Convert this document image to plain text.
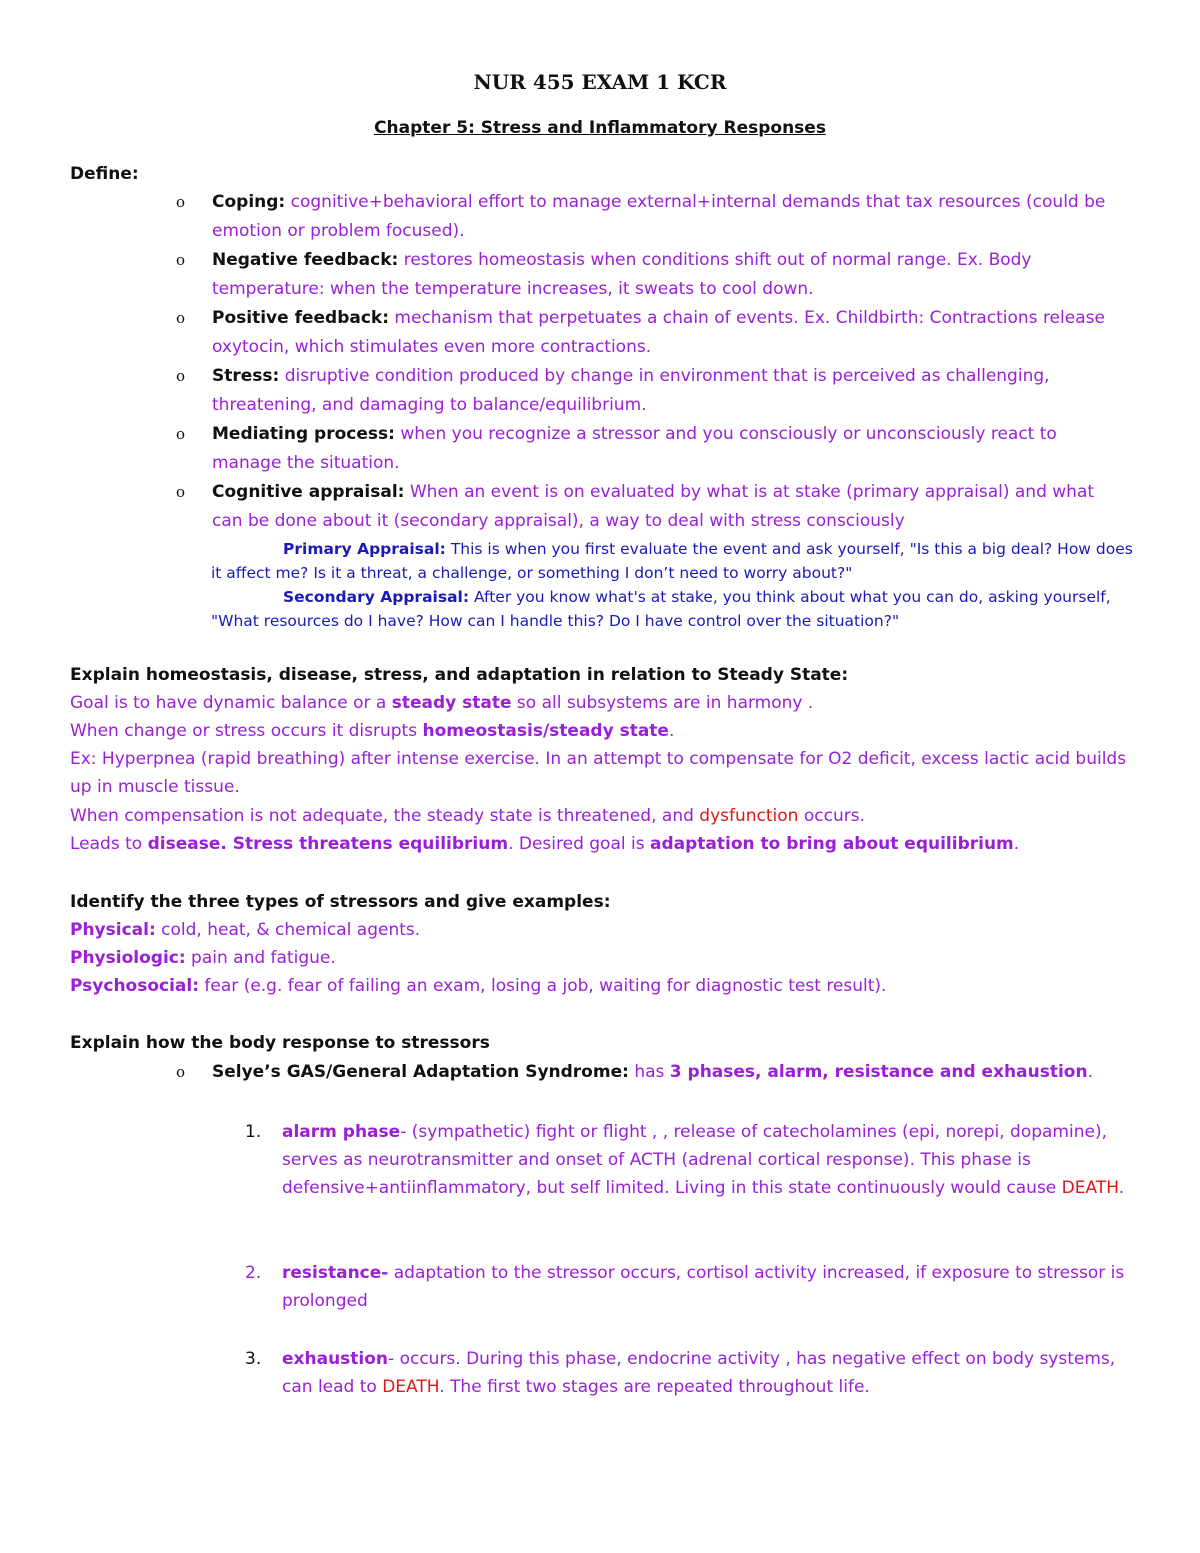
NUR 455 EXAM 1 KCR
Chapter 5: Stress and Inflammatory Responses
Define:
o Coping: cognitive+behavioral effort to manage external+internal demands that tax resources (could be emotion or problem focused).
o Negative feedback: restores homeostasis when conditions shift out of normal range. Ex. Body temperature: when the temperature increases, it sweats to cool down.
o Positive feedback: mechanism that perpetuates a chain of events. Ex. Childbirth: Contractions release oxytocin, which stimulates even more contractions.
o Stress: disruptive condition produced by change in environment that is perceived as challenging, threatening, and damaging to balance/equilibrium.
o Mediating process: when you recognize a stressor and you consciously or unconsciously react to manage the situation.
o Cognitive appraisal: When an event is on evaluated by what is at stake (primary appraisal) and what can be done about it (secondary appraisal), a way to deal with stress consciously
Primary Appraisal: This is when you first evaluate the event and ask yourself, "Is this a big deal? How does it affect me? Is it a threat, a challenge, or something I don’t need to worry about?"
Secondary Appraisal: After you know what's at stake, you think about what you can do, asking yourself, "What resources do I have? How can I handle this? Do I have control over the situation?"
Explain homeostasis, disease, stress, and adaptation in relation to Steady State:
Goal is to have dynamic balance or a steady state so all subsystems are in harmony .
When change or stress occurs it disrupts homeostasis/steady state.
Ex: Hyperpnea (rapid breathing) after intense exercise. In an attempt to compensate for O2 deficit, excess lactic acid builds up in muscle tissue.
When compensation is not adequate, the steady state is threatened, and dysfunction occurs.
Leads to disease. Stress threatens equilibrium. Desired goal is adaptation to bring about equilibrium.
Identify the three types of stressors and give examples:
Physical: cold, heat, & chemical agents.
Physiologic: pain and fatigue.
Psychosocial: fear (e.g. fear of failing an exam, losing a job, waiting for diagnostic test result).
Explain how the body response to stressors
o Selye’s GAS/General Adaptation Syndrome: has 3 phases, alarm, resistance and exhaustion.
1.	alarm phase- (sympathetic) fight or flight , , release of catecholamines (epi, norepi, dopamine), serves as neurotransmitter and onset of ACTH (adrenal cortical response). This phase is defensive+antiinflammatory, but self limited. Living in this state continuously would cause DEATH.
2.	resistance- adaptation to the stressor occurs, cortisol activity increased, if exposure to stressor is prolonged
3.	exhaustion- occurs. During this phase, endocrine activity , has negative effect on body systems, can lead to DEATH. The first two stages are repeated throughout life.
